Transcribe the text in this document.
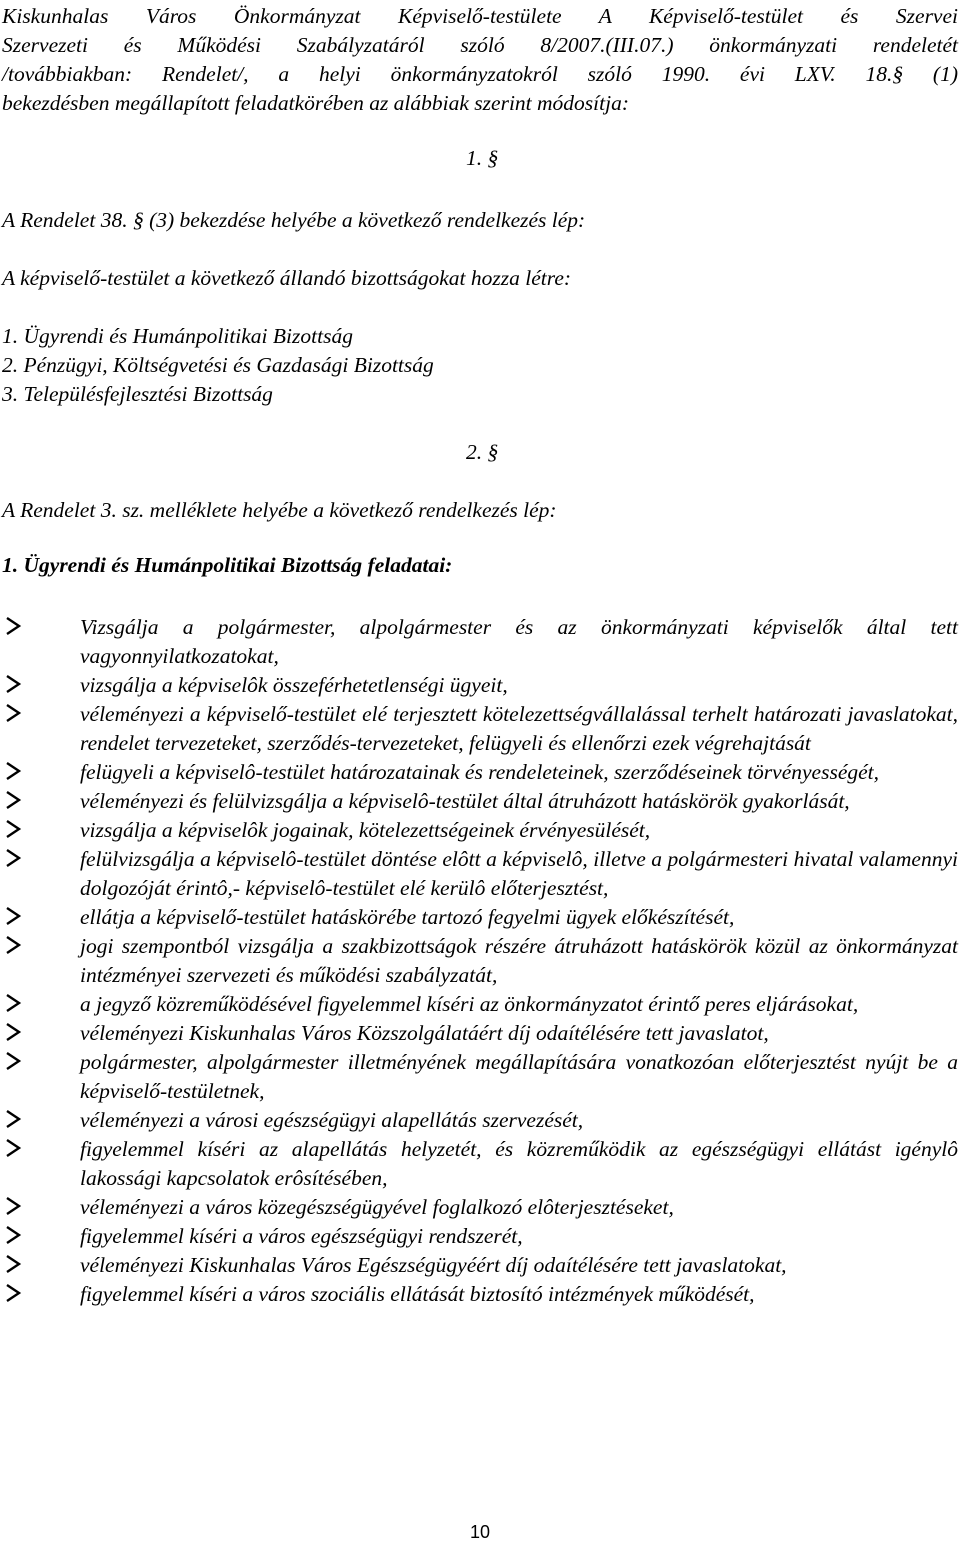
Kiskunhalas Város Önkormányzat Képviselő-testülete A Képviselő-testület és Szervei
Szervezeti és Működési Szabályzatáról szóló 8/2007.(III.07.) önkormányzati rendeletét
/továbbiakban: Rendelet/, a helyi önkormányzatokról szóló 1990. évi LXV. 18.§ (1)
bekezdésben megállapított feladatkörében az alábbiak szerint módosítja:

1. §

A Rendelet 38. § (3) bekezdése helyébe a következő rendelkezés lép:

A képviselő-testület a következő állandó bizottságokat hozza létre:

1. Ügyrendi és Humánpolitikai Bizottság

2. Pénzügyi, Költségvetési és Gazdasági Bizottság

3. Településfejlesztési Bizottság

2. §

A Rendelet 3. sz. melléklete helyébe a következő rendelkezés lép:

1. Ügyrendi és Humánpolitikai Bizottság feladatai:

Vizsgálja a polgármester, alpolgármester és az önkormányzati képviselők által tett vagyonnyilatkozatokat,
vizsgálja a képviselôk összeférhetetlenségi ügyeit,
véleményezi a képviselő-testület elé terjesztett kötelezettségvállalással terhelt határozati javaslatokat, rendelet tervezeteket, szerződés-tervezeteket, felügyeli és ellenőrzi ezek végrehajtását
felügyeli a képviselô-testület határozatainak és rendeleteinek, szerződéseinek törvényességét,
véleményezi és felülvizsgálja a képviselô-testület által átruházott hatáskörök gyakorlását,
vizsgálja a képviselôk jogainak, kötelezettségeinek érvényesülését,
felülvizsgálja a képviselô-testület döntése elôtt a képviselô, illetve a polgármesteri hivatal valamennyi dolgozóját érintô,- képviselô-testület elé kerülô előterjesztést,
ellátja a képviselő-testület hatáskörébe tartozó fegyelmi ügyek előkészítését,
jogi szempontból vizsgálja a szakbizottságok részére átruházott hatáskörök közül az önkormányzat intézményei szervezeti és működési szabályzatát,
a jegyző közreműködésével figyelemmel kíséri az önkormányzatot érintő peres eljárásokat,
véleményezi Kiskunhalas Város Közszolgálatáért díj odaítélésére tett javaslatot,
polgármester, alpolgármester illetményének megállapítására vonatkozóan előterjesztést nyújt be a képviselő-testületnek,
véleményezi a városi egészségügyi alapellátás szervezését,
figyelemmel kíséri az alapellátás helyzetét, és közreműködik az egészségügyi ellátást igénylô lakossági kapcsolatok erôsítésében,
véleményezi a város közegészségügyével foglalkozó elôterjesztéseket,
figyelemmel kíséri a város egészségügyi rendszerét,
véleményezi Kiskunhalas Város Egészségügyéért díj odaítélésére tett javaslatokat,
figyelemmel kíséri a város szociális ellátását biztosító intézmények működését,
10
